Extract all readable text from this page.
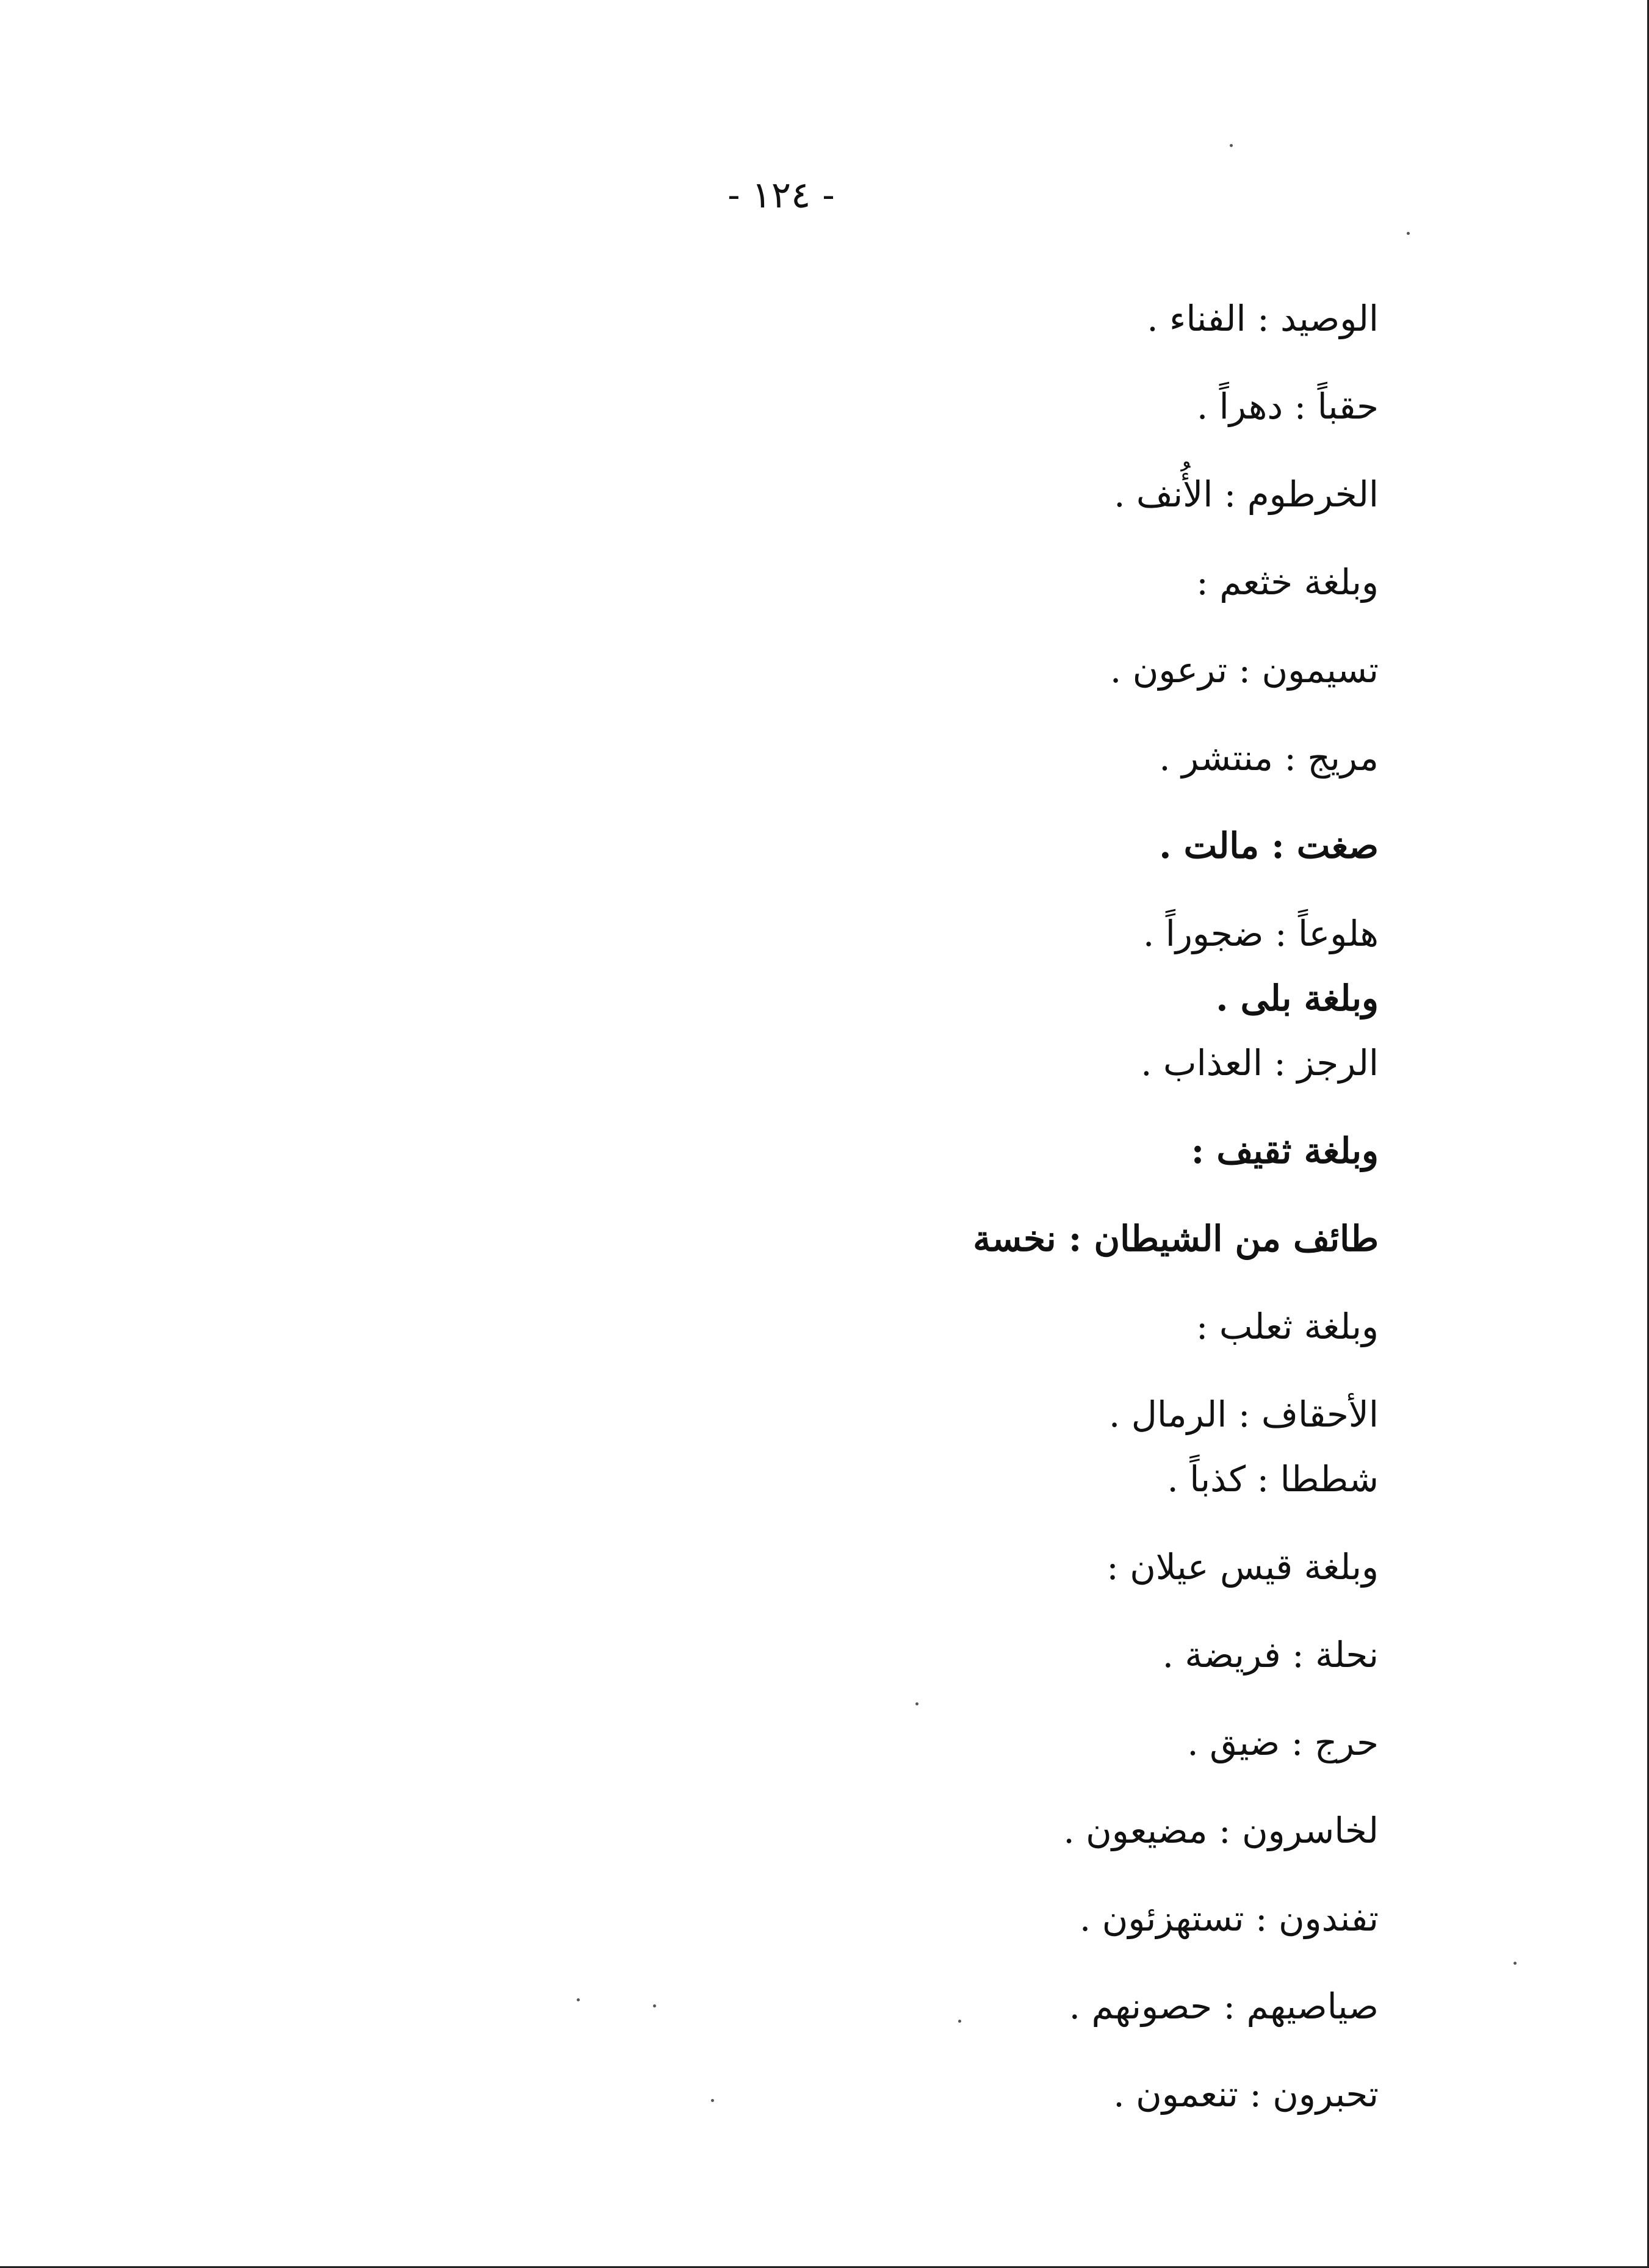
- ١٢٤ -
الوصيد : الفناء .
حقباً : دهراً .
الخرطوم : الأُنف .
وبلغة خثعم :
تسيمون : ترعون .
مريج : منتشر .
صغت : مالت .
هلوعاً : ضجوراً .
وبلغة بلى .
الرجز : العذاب .
وبلغة ثقيف :
طائف من الشيطان : نخسة
وبلغة ثعلب :
الأحقاف : الرمال .
شططا : كذباً .
وبلغة قيس عيلان :
نحلة : فريضة .
حرج : ضيق .
لخاسرون : مضيعون .
تفندون : تستهزئون .
صياصيهم : حصونهم .
تحبرون : تنعمون .
